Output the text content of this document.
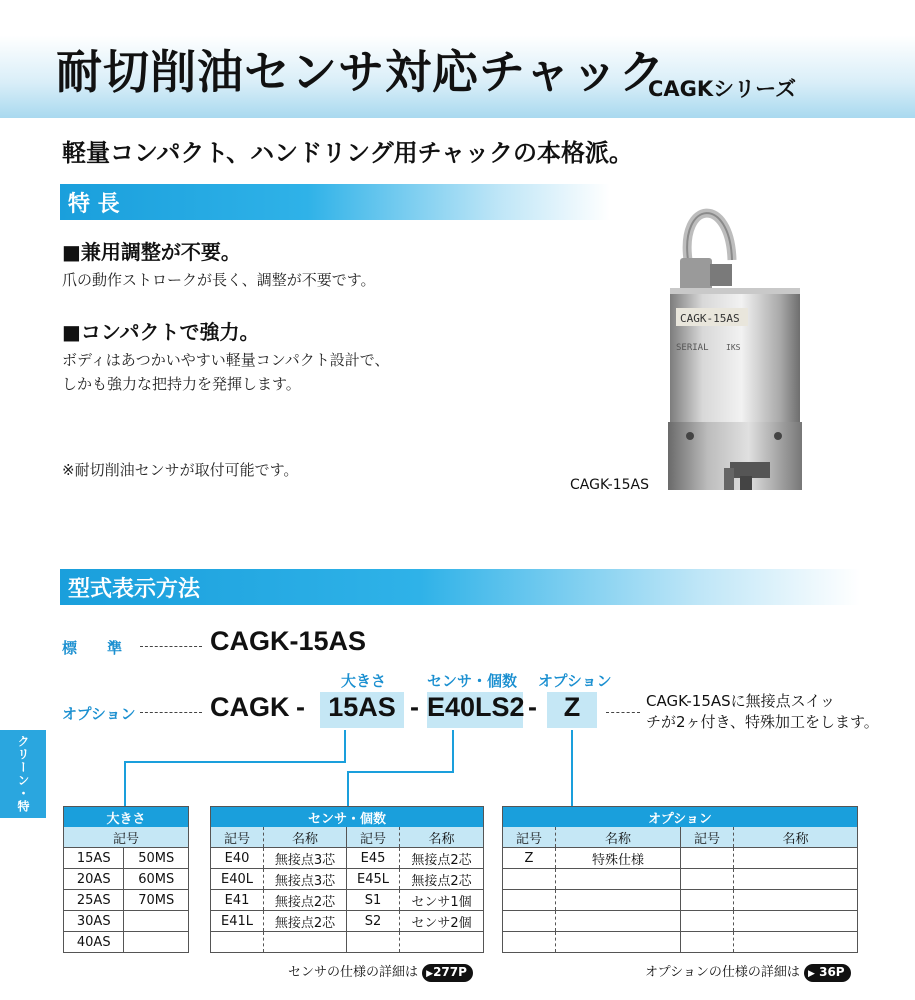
耐切削油センサ対応チャック
CAGKシリーズ
軽量コンパクト、ハンドリング用チャックの本格派。
特 長
■兼用調整が不要。
爪の動作ストロークが長く、調整が不要です。
■コンパクトで強力。
ボディはあつかいやすい軽量コンパクト設計で、
しかも強力な把持力を発揮します。
※耐切削油センサが取付可能です。
CAGK-15AS
SERIAL IKS
CAGK-15AS
型式表示方法
標　　準	CAGK-15AS
大きさ	センサ・個数 オプション
オプション	CAGK - 15AS - E40LS2 - Z	CAGK-15ASに無接点スイッ
チが2ヶ付き、特殊加工をします。
大きさ	
記号	
15AS	50MS
20AS	60MS
25AS	70MS
30AS	
40AS	
センサ・個数			
記号	名称	記号	名称
E40	無接点3芯	E45	無接点2芯
E40L	無接点3芯	E45L	無接点2芯
E41	無接点2芯	S1	センサ1個
E41L	無接点2芯	S2	センサ2個

オプション			
記号	名称	記号	名称
Z	特殊仕様		

センサの仕様の詳細は ▶277P	オプションの仕様の詳細は ▶ 36P
クリーン・特
